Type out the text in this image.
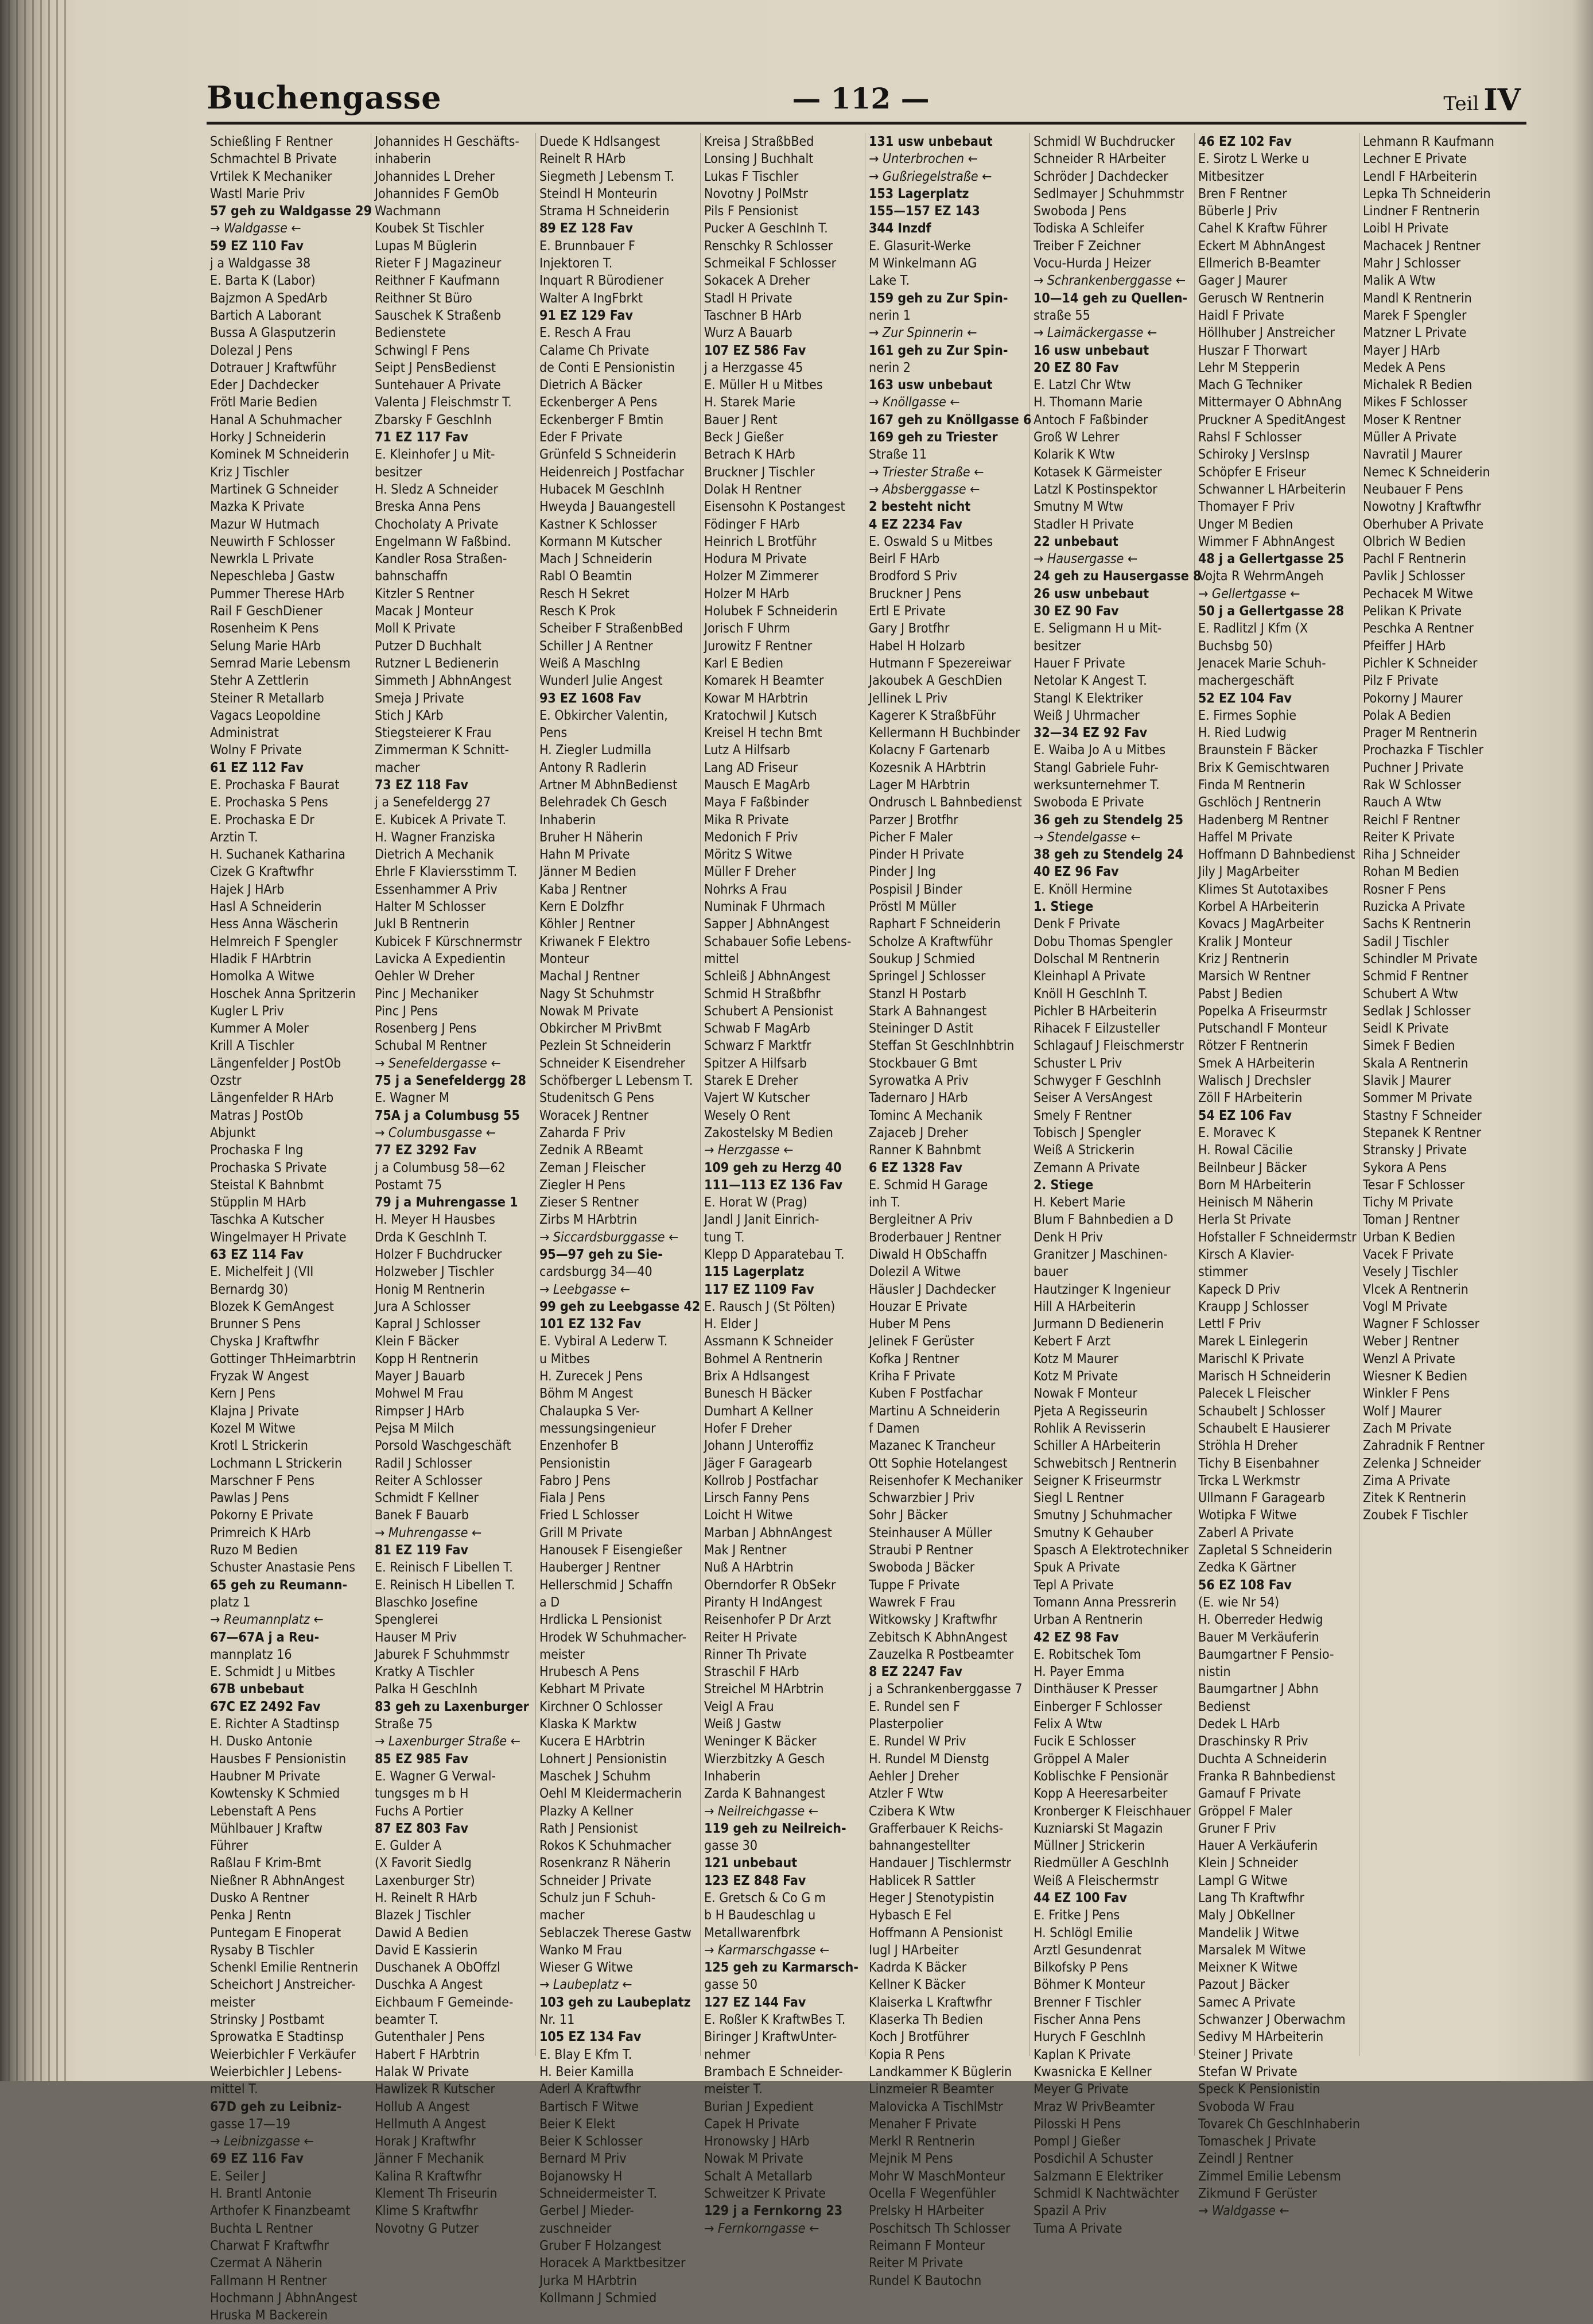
Buchengasse	— 112 —	Teil IV
Schießling F Rentner
Schmachtel B Private
Vrtilek K Mechaniker
Wastl Marie Priv
57 geh zu Waldgasse 29
→ Waldgasse ←
59 EZ 110 Fav
j a Waldgasse 38
E. Barta K (Labor)
Bajzmon A SpedArb
Bartich A Laborant
Bussa A Glasputzerin
Dolezal J Pens
Dotrauer J Kraftwführ
Eder J Dachdecker
Frötl Marie Bedien
Hanal A Schuhmacher
Horky J Schneiderin
Kominek M Schneiderin
Kriz J Tischler
Martinek G Schneider
Mazka K Private
Mazur W Hutmach
Neuwirth F Schlosser
Newrkla L Private
Nepeschleba J Gastw
Pummer Therese HArb
Rail F GeschDiener
Rosenheim K Pens
Selung Marie HArb
Semrad Marie Lebensm
Stehr A Zettlerin
Steiner R Metallarb
Vagacs Leopoldine
Administrat
Wolny F Private
61 EZ 112 Fav
E. Prochaska F Baurat
E. Prochaska S Pens
E. Prochaska E Dr
Arztin T.
H. Suchanek Katharina
Cizek G Kraftwfhr
Hajek J HArb
Hasl A Schneiderin
Hess Anna Wäscherin
Helmreich F Spengler
Hladik F HArbtrin
Homolka A Witwe
Hoschek Anna Spritzerin
Kugler L Priv
Kummer A Moler
Krill A Tischler
Längenfelder J PostOb
Ozstr
Längenfelder R HArb
Matras J PostOb
Abjunkt
Prochaska F Ing
Prochaska S Private
Steistal K Bahnbmt
Stüpplin M HArb
Taschka A Kutscher
Wingelmayer H Private
63 EZ 114 Fav
E. Michelfeit J (VII
Bernardg 30)
Blozek K GemAngest
Brunner S Pens
Chyska J Kraftwfhr
Gottinger ThHeimarbtrin
Fryzak W Angest
Kern J Pens
Klajna J Private
Kozel M Witwe
Krotl L Strickerin
Lochmann L Strickerin
Marschner F Pens
Pawlas J Pens
Pokorny E Private
Primreich K HArb
Ruzo M Bedien
Schuster Anastasie Pens
65 geh zu Reumann-
platz 1
→ Reumannplatz ←
67—67A j a Reu-
mannplatz 16
E. Schmidt J u Mitbes
67B unbebaut
67C EZ 2492 Fav
E. Richter A Stadtinsp
H. Dusko Antonie
Hausbes F Pensionistin
Haubner M Private
Kowtensky K Schmied
Lebenstaft A Pens
Mühlbauer J Kraftw
Führer
Raßlau F Krim-Bmt
Nießner R AbhnAngest
Dusko A Rentner
Penka J Rentn
Puntegam E Finoperat
Rysaby B Tischler
Schenkl Emilie Rentnerin
Scheichort J Anstreicher-
meister
Strinsky J Postbamt
Sprowatka E Stadtinsp
Weierbichler F Verkäufer
Weierbichler J Lebens-
mittel T.
67D geh zu Leibniz-
gasse 17—19
→ Leibnizgasse ←
69 EZ 116 Fav
E. Seiler J
H. Brantl Antonie
Arthofer K Finanzbeamt
Buchta L Rentner
Charwat F Kraftwfhr
Czermat A Näherin
Fallmann H Rentner
Hochmann J AbhnAngest
Hruska M Backerein
Johannides H Geschäfts-
inhaberin
Johannides L Dreher
Johannides F GemOb
Wachmann
Koubek St Tischler
Lupas M Büglerin
Rieter F J Magazineur
Reithner F Kaufmann
Reithner St Büro
Sauschek K Straßenb
Bedienstete
Schwingl F Pens
Seipt J PensBedienst
Suntehauer A Private
Valenta J Fleischmstr T.
Zbarsky F GeschInh
71 EZ 117 Fav
E. Kleinhofer J u Mit-
besitzer
H. Sledz A Schneider
Breska Anna Pens
Chocholaty A Private
Engelmann W Faßbind.
Kandler Rosa Straßen-
bahnschaffn
Kitzler S Rentner
Macak J Monteur
Moll K Private
Putzer D Buchhalt
Rutzner L Bedienerin
Simmeth J AbhnAngest
Smeja J Private
Stich J KArb
Stiegsteierer K Frau
Zimmerman K Schnitt-
macher
73 EZ 118 Fav
j a Senefeldergg 27
E. Kubicek A Private T.
H. Wagner Franziska
Dietrich A Mechanik
Ehrle F Klaviersstimm T.
Essenhammer A Priv
Halter M Schlosser
Jukl B Rentnerin
Kubicek F Kürschnermstr
Lavicka A Expedientin
Oehler W Dreher
Pinc J Mechaniker
Pinc J Pens
Rosenberg J Pens
Schubal M Rentner
→ Senefeldergasse ←
75 j a Senefeldergg 28
E. Wagner M
75A j a Columbusg 55
→ Columbusgasse ←
77 EZ 3292 Fav
j a Columbusg 58—62
Postamt 75
79 j a Muhrengasse 1
H. Meyer H Hausbes
Drda K GeschInh T.
Holzer F Buchdrucker
Holzweber J Tischler
Honig M Rentnerin
Jura A Schlosser
Kapral J Schlosser
Klein F Bäcker
Kopp H Rentnerin
Mayer J Bauarb
Mohwel M Frau
Rimpser J HArb
Pejsa M Milch
Porsold Waschgeschäft
Radil J Schlosser
Reiter A Schlosser
Schmidt F Kellner
Banek F Bauarb
→ Muhrengasse ←
81 EZ 119 Fav
E. Reinisch F Libellen T.
E. Reinisch H Libellen T.
Blaschko Josefine
Spenglerei
Hauser M Priv
Jaburek F Schuhmmstr
Kratky A Tischler
Palka H GeschInh
83 geh zu Laxenburger
Straße 75
→ Laxenburger Straße ←
85 EZ 985 Fav
E. Wagner G Verwal-
tungsges m b H
Fuchs A Portier
87 EZ 803 Fav
E. Gulder A
(X Favorit Siedlg
Laxenburger Str)
H. Reinelt R HArb
Blazek J Tischler
Dawid A Bedien
David E Kassierin
Duschanek A ObOffzl
Duschka A Angest
Eichbaum F Gemeinde-
beamter T.
Gutenthaler J Pens
Habert F HArbtrin
Halak W Private
Hawlizek R Kutscher
Hollub A Angest
Hellmuth A Angest
Horak J Kraftwfhr
Jänner F Mechanik
Kalina R Kraftwfhr
Klement Th Friseurin
Klime S Kraftwfhr
Novotny G Putzer
Duede K Hdlsangest
Reinelt R HArb
Siegmeth J Lebensm T.
Steindl H Monteurin
Strama H Schneiderin
89 EZ 128 Fav
E. Brunnbauer F
Injektoren T.
Inquart R Bürodiener
Walter A IngFbrkt
91 EZ 129 Fav
E. Resch A Frau
Calame Ch Private
de Conti E Pensionistin
Dietrich A Bäcker
Eckenberger A Pens
Eckenberger F Bmtin
Eder F Private
Grünfeld S Schneiderin
Heidenreich J Postfachar
Hubacek M GeschInh
Hweyda J Bauangestell
Kastner K Schlosser
Kormann M Kutscher
Mach J Schneiderin
Rabl O Beamtin
Resch H Sekret
Resch K Prok
Scheiber F StraßenbBed
Schiller J A Rentner
Weiß A MaschIng
Wunderl Julie Angest
93 EZ 1608 Fav
E. Obkircher Valentin,
Pens
H. Ziegler Ludmilla
Antony R Radlerin
Artner M AbhnBedienst
Belehradek Ch Gesch
Inhaberin
Bruher H Näherin
Hahn M Private
Jänner M Bedien
Kaba J Rentner
Kern E Dolzfhr
Köhler J Rentner
Kriwanek F Elektro
Monteur
Machal J Rentner
Nagy St Schuhmstr
Nowak M Private
Obkircher M PrivBmt
Pezlein St Schneiderin
Schneider K Eisendreher
Schöfberger L Lebensm T.
Studenitsch G Pens
Woracek J Rentner
Zaharda F Priv
Zednik A RBeamt
Zeman J Fleischer
Ziegler H Pens
Zieser S Rentner
Zirbs M HArbtrin
→ Siccardsburggasse ←
95—97 geh zu Sie-
cardsburgg 34—40
→ Leebgasse ←
99 geh zu Leebgasse 42
101 EZ 132 Fav
E. Vybiral A Lederw T.
u Mitbes
H. Zurecek J Pens
Böhm M Angest
Chalaupka S Ver-
messungsingenieur
Enzenhofer B
Pensionistin
Fabro J Pens
Fiala J Pens
Fried L Schlosser
Grill M Private
Hanousek F Eisengießer
Hauberger J Rentner
Hellerschmid J Schaffn
a D
Hrdlicka L Pensionist
Hrodek W Schuhmacher-
meister
Hrubesch A Pens
Kebhart M Private
Kirchner O Schlosser
Klaska K Marktw
Kucera E HArbtrin
Lohnert J Pensionistin
Maschek J Schuhm
Oehl M Kleidermacherin
Plazky A Kellner
Rath J Pensionist
Rokos K Schuhmacher
Rosenkranz R Näherin
Schneider J Private
Schulz jun F Schuh-
macher
Seblaczek Therese Gastw
Wanko M Frau
Wieser G Witwe
→ Laubeplatz ←
103 geh zu Laubeplatz
Nr. 11
105 EZ 134 Fav
E. Blay E Kfm T.
H. Beier Kamilla
Aderl A Kraftwfhr
Bartisch F Witwe
Beier K Elekt
Beier K Schlosser
Bernard M Priv
Bojanowsky H
Schneidermeister T.
Gerbel J Mieder-
zuschneider
Gruber F Holzangest
Horacek A Marktbesitzer
Jurka M HArbtrin
Kollmann J Schmied
Kreisa J StraßbBed
Lonsing J Buchhalt
Lukas F Tischler
Novotny J PolMstr
Pils F Pensionist
Pucker A GeschInh T.
Renschky R Schlosser
Schmeikal F Schlosser
Sokacek A Dreher
Stadl H Private
Taschner B HArb
Wurz A Bauarb
107 EZ 586 Fav
j a Herzgasse 45
E. Müller H u Mitbes
H. Starek Marie
Bauer J Rent
Beck J Gießer
Betrach K HArb
Bruckner J Tischler
Dolak H Rentner
Eisensohn K Postangest
Födinger F HArb
Heinrich L Brotführ
Hodura M Private
Holzer M Zimmerer
Holzer M HArb
Holubek F Schneiderin
Jorisch F Uhrm
Jurowitz F Rentner
Karl E Bedien
Komarek H Beamter
Kowar M HArbtrin
Kratochwil J Kutsch
Kreisel H techn Bmt
Lutz A Hilfsarb
Lang AD Friseur
Mausch E MagArb
Maya F Faßbinder
Mika R Private
Medonich F Priv
Möritz S Witwe
Müller F Dreher
Nohrks A Frau
Numinak F Uhrmach
Sapper J AbhnAngest
Schabauer Sofie Lebens-
mittel
Schleiß J AbhnAngest
Schmid H Straßbfhr
Schubert A Pensionist
Schwab F MagArb
Schwarz F Marktfr
Spitzer A Hilfsarb
Starek E Dreher
Vajert W Kutscher
Wesely O Rent
Zakostelsky M Bedien
→ Herzgasse ←
109 geh zu Herzg 40
111—113 EZ 136 Fav
E. Horat W (Prag)
Jandl J Janit Einrich-
tung T.
Klepp D Apparatebau T.
115 Lagerplatz
117 EZ 1109 Fav
E. Rausch J (St Pölten)
H. Elder J
Assmann K Schneider
Bohmel A Rentnerin
Brix A Hdlsangest
Bunesch H Bäcker
Dumhart A Kellner
Hofer F Dreher
Johann J Unteroffiz
Jäger F Garagearb
Kollrob J Postfachar
Lirsch Fanny Pens
Loicht H Witwe
Marban J AbhnAngest
Mak J Rentner
Nuß A HArbtrin
Oberndorfer R ObSekr
Piranty H IndAngest
Reisenhofer P Dr Arzt
Reiter H Private
Rinner Th Private
Straschil F HArb
Streichel M HArbtrin
Veigl A Frau
Weiß J Gastw
Weninger K Bäcker
Wierzbitzky A Gesch
Inhaberin
Zarda K Bahnangest
→ Neilreichgasse ←
119 geh zu Neilreich-
gasse 30
121 unbebaut
123 EZ 848 Fav
E. Gretsch & Co G m
b H Baudeschlag u
Metallwarenfbrk
→ Karmarschgasse ←
125 geh zu Karmarsch-
gasse 50
127 EZ 144 Fav
E. Roßler K KraftwBes T.
Biringer J KraftwUnter-
nehmer
Brambach E Schneider-
meister T.
Burian J Expedient
Capek H Private
Hronowsky J HArb
Nowak M Private
Schalt A Metallarb
Schweitzer K Private
129 j a Fernkorng 23
→ Fernkorngasse ←
131 usw unbebaut
→ Unterbrochen ←
→ Gußriegelstraße ←
153 Lagerplatz
155—157 EZ 143
344 Inzdf
E. Glasurit-Werke
M Winkelmann AG
Lake T.
159 geh zu Zur Spin-
nerin 1
→ Zur Spinnerin ←
161 geh zu Zur Spin-
nerin 2
163 usw unbebaut
→ Knöllgasse ←
167 geh zu Knöllgasse 6
169 geh zu Triester
Straße 11
→ Triester Straße ←
→ Absberggasse ←
2 besteht nicht
4 EZ 2234 Fav
E. Oswald S u Mitbes
Beirl F HArb
Brodford S Priv
Bruckner J Pens
Ertl E Private
Gary J Brotfhr
Habel H Holzarb
Hutmann F Spezereiwar
Jakoubek A GeschDien
Jellinek L Priv
Kagerer K StraßbFühr
Kellermann H Buchbinder
Kolacny F Gartenarb
Kozesnik A HArbtrin
Lager M HArbtrin
Ondrusch L Bahnbedienst
Parzer J Brotfhr
Picher F Maler
Pinder H Private
Pinder J Ing
Pospisil J Binder
Pröstl M Müller
Raphart F Schneiderin
Scholze A Kraftwführ
Soukup J Schmied
Springel J Schlosser
Stanzl H Postarb
Stark A Bahnangest
Steininger D Astit
Steffan St GeschInhbtrin
Stockbauer G Bmt
Syrowatka A Priv
Tadernaro J HArb
Tominc A Mechanik
Zajaceb J Dreher
Ranner K Bahnbmt
6 EZ 1328 Fav
E. Schmid H Garage
inh T.
Bergleitner A Priv
Broderbauer J Rentner
Diwald H ObSchaffn
Dolezil A Witwe
Häusler J Dachdecker
Houzar E Private
Huber M Pens
Jelinek F Gerüster
Kofka J Rentner
Kriha F Private
Kuben F Postfachar
Martinu A Schneiderin
f Damen
Mazanec K Trancheur
Ott Sophie Hotelangest
Reisenhofer K Mechaniker
Schwarzbier J Priv
Sohr J Bäcker
Steinhauser A Müller
Straubi P Rentner
Swoboda J Bäcker
Tuppe F Private
Wawrek F Frau
Witkowsky J Kraftwfhr
Zebitsch K AbhnAngest
Zauzelka R Postbeamter
8 EZ 2247 Fav
j a Schrankenberggasse 7
E. Rundel sen F
Plasterpolier
E. Rundel W Priv
H. Rundel M Dienstg
Aehler J Dreher
Atzler F Wtw
Czibera K Wtw
Grafferbauer K Reichs-
bahnangestellter
Handauer J Tischlermstr
Hablicek R Sattler
Heger J Stenotypistin
Hybasch E Fel
Hoffmann A Pensionist
Iugl J HArbeiter
Kadrda K Bäcker
Kellner K Bäcker
Klaiserka L Kraftwfhr
Klaserka Th Bedien
Koch J Brotführer
Kopia R Pens
Landkammer K Büglerin
Linzmeier R Beamter
Malovicka A TischlMstr
Menaher F Private
Merkl R Rentnerin
Mejnik M Pens
Mohr W MaschMonteur
Ocella F Wegenfühler
Prelsky H HArbeiter
Poschitsch Th Schlosser
Reimann F Monteur
Reiter M Private
Rundel K Bautochn
Schmidl W Buchdrucker
Schneider R HArbeiter
Schröder J Dachdecker
Sedlmayer J Schuhmmstr
Swoboda J Pens
Todiska A Schleifer
Treiber F Zeichner
Vocu-Hurda J Heizer
→ Schrankenberggasse ←
10—14 geh zu Quellen-
straße 55
→ Laimäckergasse ←
16 usw unbebaut
20 EZ 80 Fav
E. Latzl Chr Wtw
H. Thomann Marie
Antoch F Faßbinder
Groß W Lehrer
Kolarik K Wtw
Kotasek K Gärmeister
Latzl K Postinspektor
Smutny M Wtw
Stadler H Private
22 unbebaut
→ Hausergasse ←
24 geh zu Hausergasse 8
26 usw unbebaut
30 EZ 90 Fav
E. Seligmann H u Mit-
besitzer
Hauer F Private
Netolar K Angest T.
Stangl K Elektriker
Weiß J Uhrmacher
32—34 EZ 92 Fav
E. Waiba Jo A u Mitbes
Stangl Gabriele Fuhr-
werksunternehmer T.
Swoboda E Private
36 geh zu Stendelg 25
→ Stendelgasse ←
38 geh zu Stendelg 24
40 EZ 96 Fav
E. Knöll Hermine
1. Stiege
Denk F Private
Dobu Thomas Spengler
Dolschal M Rentnerin
Kleinhapl A Private
Knöll H GeschInh T.
Pichler B HArbeiterin
Rihacek F Eilzusteller
Schlagauf J Fleischmerstr
Schuster L Priv
Schwyger F GeschInh
Seiser A VersAngest
Smely F Rentner
Tobisch J Spengler
Weiß A Strickerin
Zemann A Private
2. Stiege
H. Kebert Marie
Blum F Bahnbedien a D
Denk H Priv
Granitzer J Maschinen-
bauer
Hautzinger K Ingenieur
Hill A HArbeiterin
Jurmann D Bedienerin
Kebert F Arzt
Kotz M Maurer
Kotz M Private
Nowak F Monteur
Pjeta A Regisseurin
Rohlik A Revisserin
Schiller A HArbeiterin
Schwebitsch J Rentnerin
Seigner K Friseurmstr
Siegl L Rentner
Smutny J Schuhmacher
Smutny K Gehauber
Spasch A Elektrotechniker
Spuk A Private
Tepl A Private
Tomann Anna Pressrerin
Urban A Rentnerin
42 EZ 98 Fav
E. Robitschek Tom
H. Payer Emma
Dinthäuser K Presser
Einberger F Schlosser
Felix A Wtw
Fucik E Schlosser
Gröppel A Maler
Koblischke F Pensionär
Kopp A Heeresarbeiter
Kronberger K Fleischhauer
Kuzniarski St Magazin
Müllner J Strickerin
Riedmüller A GeschInh
Weiß A Fleischermstr
44 EZ 100 Fav
E. Fritke J Pens
H. Schlögl Emilie
Arztl Gesundenrat
Bilkofsky P Pens
Böhmer K Monteur
Brenner F Tischler
Fischer Anna Pens
Hurych F GeschInh
Kaplan K Private
Kwasnicka E Kellner
Meyer G Private
Mraz W PrivBeamter
Pilosski H Pens
Pompl J Gießer
Posdichil A Schuster
Salzmann E Elektriker
Schmidl K Nachtwächter
Spazil A Priv
Tuma A Private
46 EZ 102 Fav
E. Sirotz L Werke u
Mitbesitzer
Bren F Rentner
Büberle J Priv
Cahel K Kraftw Führer
Eckert M AbhnAngest
Ellmerich B-Beamter
Gager J Maurer
Gerusch W Rentnerin
Haidl F Private
Höllhuber J Anstreicher
Huszar F Thorwart
Lehr M Stepperin
Mach G Techniker
Mittermayer O AbhnAng
Pruckner A SpeditAngest
Rahsl F Schlosser
Schiroky J VersInsp
Schöpfer E Friseur
Schwanner L HArbeiterin
Thomayer F Priv
Unger M Bedien
Wimmer F AbhnAngest
48 j a Gellertgasse 25
Vojta R WehrmAngeh
→ Gellertgasse ←
50 j a Gellertgasse 28
E. Radlitzl J Kfm (X
Buchsbg 50)
Jenacek Marie Schuh-
machergeschäft
52 EZ 104 Fav
E. Firmes Sophie
H. Ried Ludwig
Braunstein F Bäcker
Brix K Gemischtwaren
Finda M Rentnerin
Gschlöch J Rentnerin
Hadenberg M Rentner
Haffel M Private
Hoffmann D Bahnbedienst
Jily J MagArbeiter
Klimes St Autotaxibes
Korbel A HArbeiterin
Kovacs J MagArbeiter
Kralik J Monteur
Kriz J Rentnerin
Marsich W Rentner
Pabst J Bedien
Popelka A Friseurmstr
Putschandl F Monteur
Rötzer F Rentnerin
Smek A HArbeiterin
Walisch J Drechsler
Zöll F HArbeiterin
54 EZ 106 Fav
E. Moravec K
H. Rowal Cäcilie
Beilnbeur J Bäcker
Born M HArbeiterin
Heinisch M Näherin
Herla St Private
Hofstaller F Schneidermstr
Kirsch A Klavier-
stimmer
Kapeck D Priv
Kraupp J Schlosser
Lettl F Priv
Marek L Einlegerin
Marischl K Private
Marisch H Schneiderin
Palecek L Fleischer
Schaubelt J Schlosser
Schaubelt E Hausierer
Ströhla H Dreher
Tichy B Eisenbahner
Trcka L Werkmstr
Ullmann F Garagearb
Wotipka F Witwe
Zaberl A Private
Zapletal S Schneiderin
Zedka K Gärtner
56 EZ 108 Fav
(E. wie Nr 54)
H. Oberreder Hedwig
Bauer M Verkäuferin
Baumgartner F Pensio-
nistin
Baumgartner J Abhn
Bedienst
Dedek L HArb
Draschinsky R Priv
Duchta A Schneiderin
Franka R Bahnbedienst
Gamauf F Private
Gröppel F Maler
Gruner F Priv
Hauer A Verkäuferin
Klein J Schneider
Lampl G Witwe
Lang Th Kraftwfhr
Maly J ObKellner
Mandelik J Witwe
Marsalek M Witwe
Meixner K Witwe
Pazout J Bäcker
Samec A Private
Schwanzer J Oberwachm
Sedivy M HArbeiterin
Steiner J Private
Stefan W Private
Speck K Pensionistin
Svoboda W Frau
Tovarek Ch GeschInhaberin
Tomaschek J Private
Zeindl J Rentner
Zimmel Emilie Lebensm
Zikmund F Gerüster
→ Waldgasse ←
Lehmann R Kaufmann
Lechner E Private
Lendl F HArbeiterin
Lepka Th Schneiderin
Lindner F Rentnerin
Loibl H Private
Machacek J Rentner
Mahr J Schlosser
Malik A Wtw
Mandl K Rentnerin
Marek F Spengler
Matzner L Private
Mayer J HArb
Medek A Pens
Michalek R Bedien
Mikes F Schlosser
Moser K Rentner
Müller A Private
Navratil J Maurer
Nemec K Schneiderin
Neubauer F Pens
Nowotny J Kraftwfhr
Oberhuber A Private
Olbrich W Bedien
Pachl F Rentnerin
Pavlik J Schlosser
Pechacek M Witwe
Pelikan K Private
Peschka A Rentner
Pfeiffer J HArb
Pichler K Schneider
Pilz F Private
Pokorny J Maurer
Polak A Bedien
Prager M Rentnerin
Prochazka F Tischler
Puchner J Private
Rak W Schlosser
Rauch A Wtw
Reichl F Rentner
Reiter K Private
Riha J Schneider
Rohan M Bedien
Rosner F Pens
Ruzicka A Private
Sachs K Rentnerin
Sadil J Tischler
Schindler M Private
Schmid F Rentner
Schubert A Wtw
Sedlak J Schlosser
Seidl K Private
Simek F Bedien
Skala A Rentnerin
Slavik J Maurer
Sommer M Private
Stastny F Schneider
Stepanek K Rentner
Stransky J Private
Sykora A Pens
Tesar F Schlosser
Tichy M Private
Toman J Rentner
Urban K Bedien
Vacek F Private
Vesely J Tischler
Vlcek A Rentnerin
Vogl M Private
Wagner F Schlosser
Weber J Rentner
Wenzl A Private
Wiesner K Bedien
Winkler F Pens
Wolf J Maurer
Zach M Private
Zahradnik F Rentner
Zelenka J Schneider
Zima A Private
Zitek K Rentnerin
Zoubek F Tischler
